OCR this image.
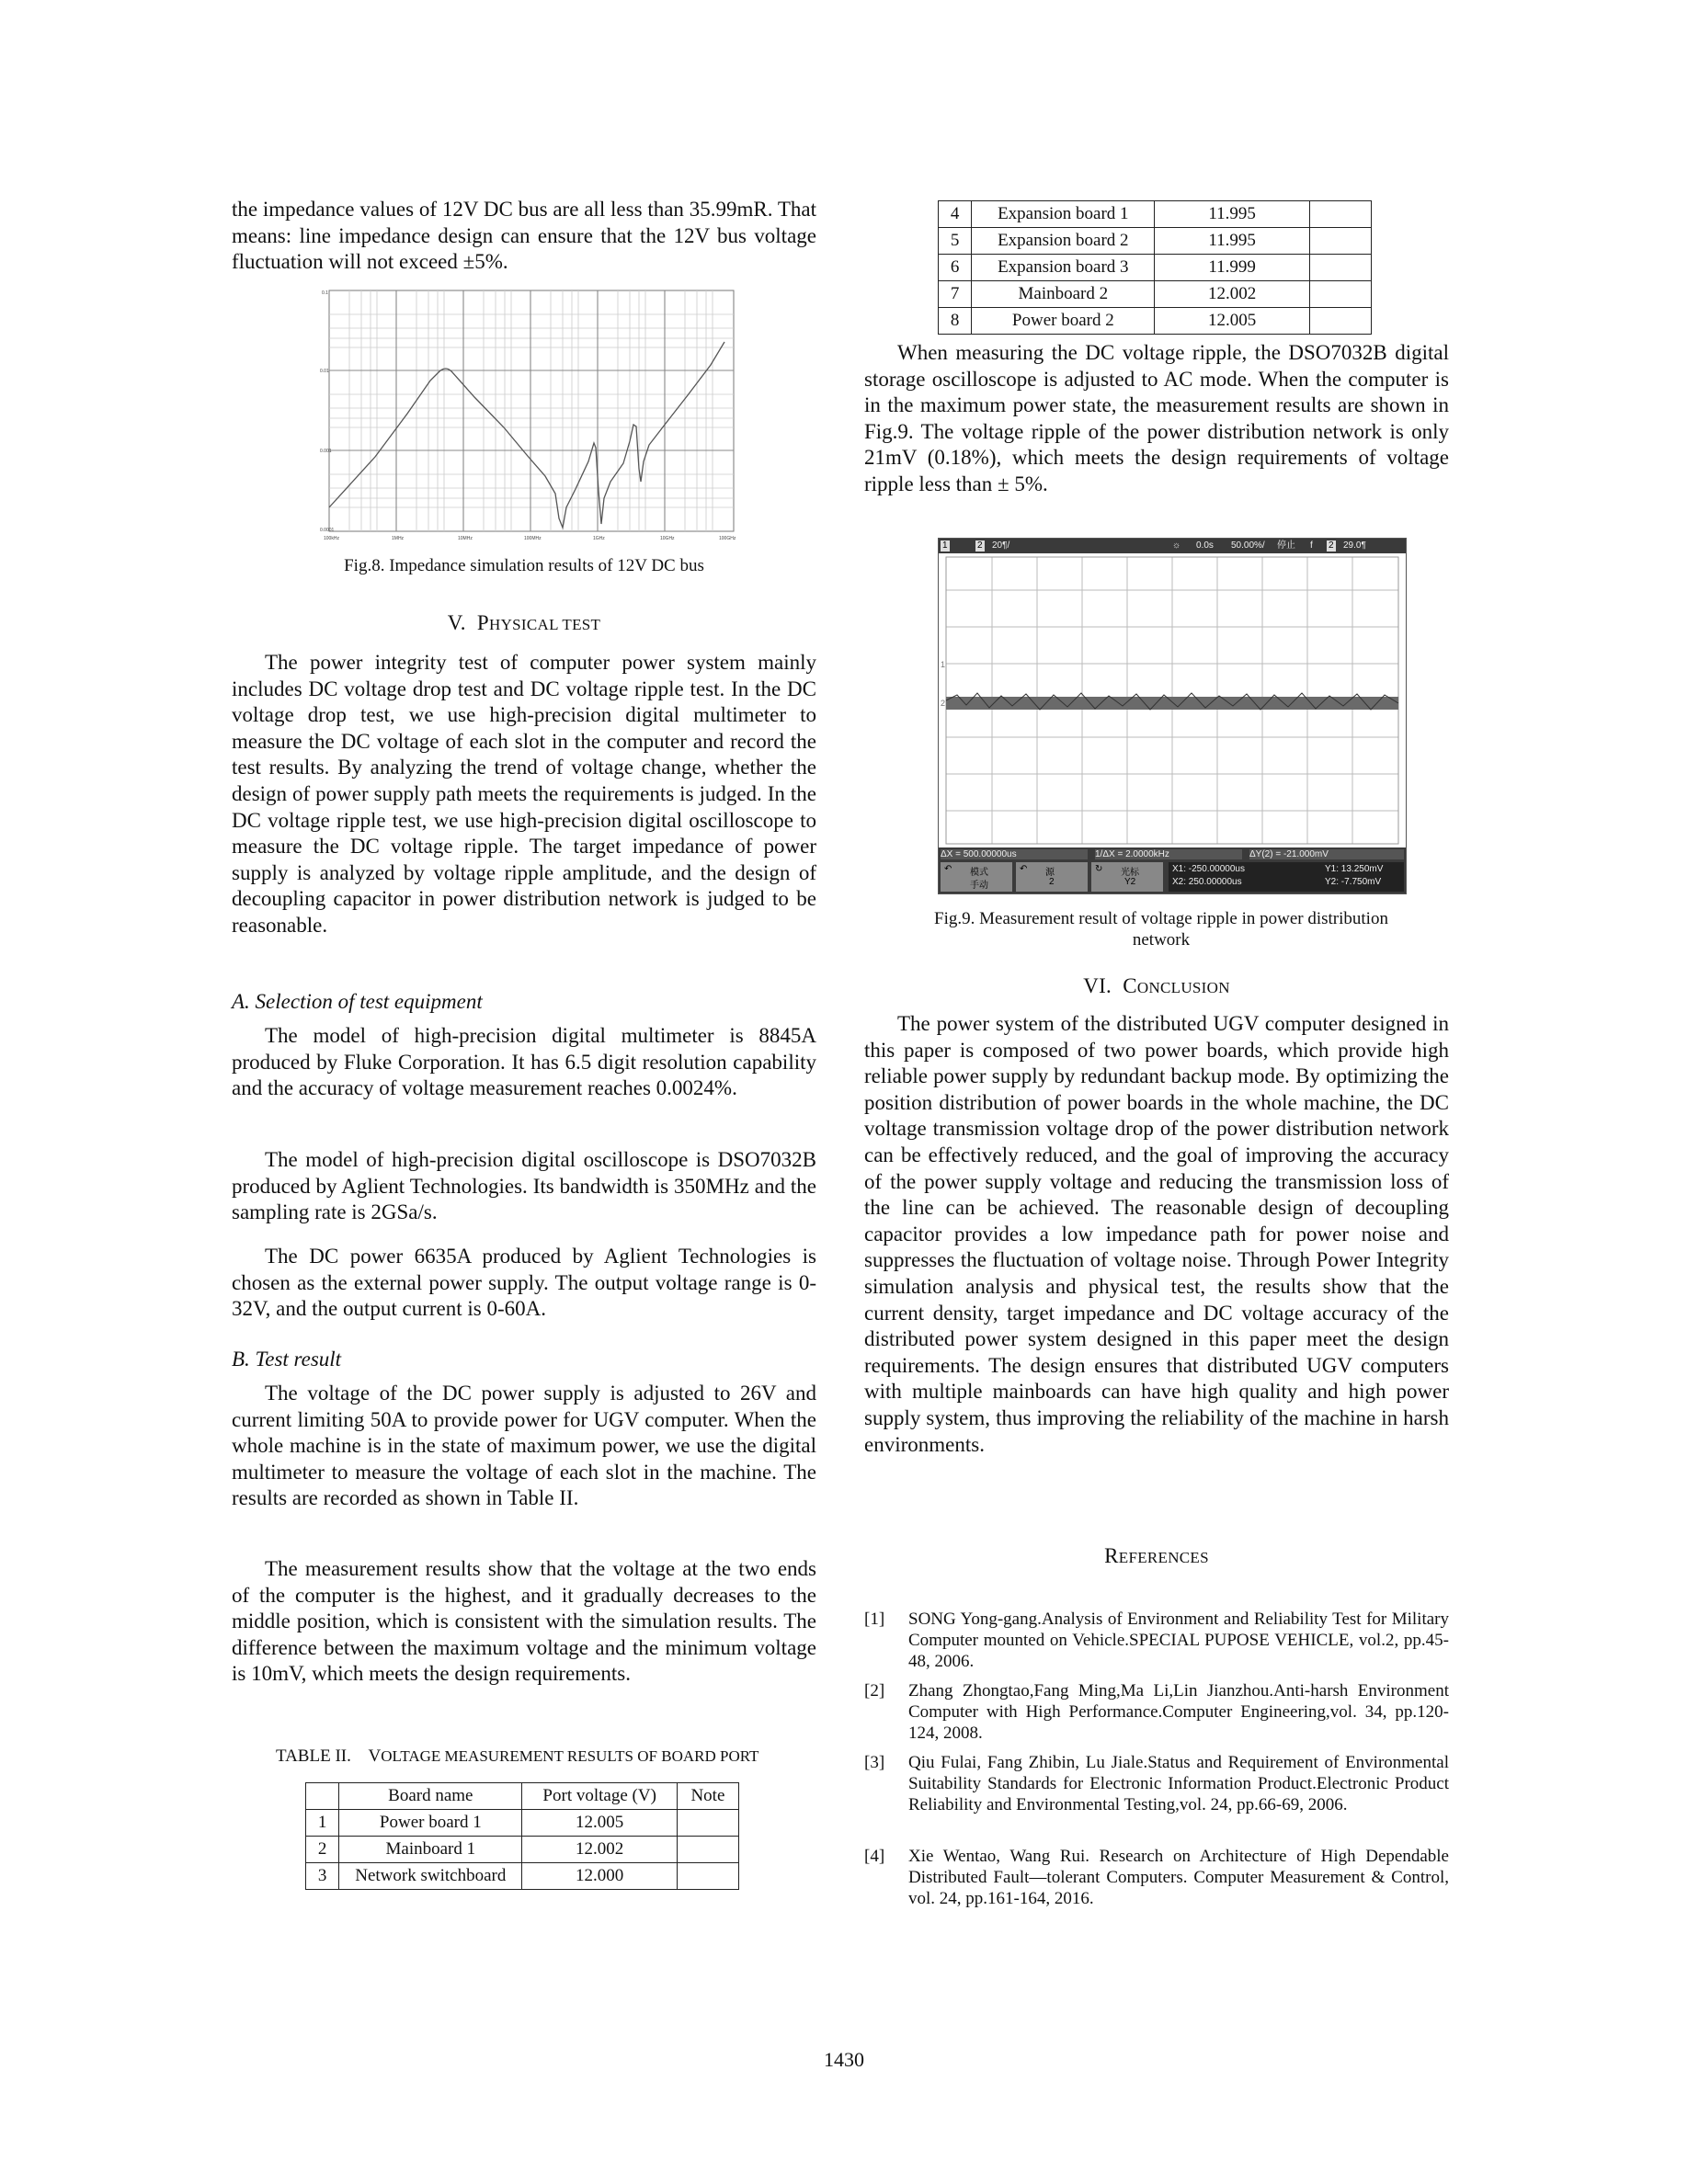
the impedance values of 12V DC bus are all less than 35.99mR. That means: line impedance design can ensure that the 12V bus voltage fluctuation will not exceed ±5%.

0.1
0.01
0.001
0.0001
100kHz	1MHz	10MHz	100MHz	1GHz	10GHz	100GHz
Fig.8. Impedance simulation results of 12V DC bus
V. PHYSICAL TEST

The power integrity test of computer power system mainly includes DC voltage drop test and DC voltage ripple test. In the DC voltage drop test, we use high-precision digital multimeter to measure the DC voltage of each slot in the computer and record the test results. By analyzing the trend of voltage change, whether the design of power supply path meets the requirements is judged. In the DC voltage ripple test, we use high-precision digital oscilloscope to measure the DC voltage ripple. The target impedance of power supply is analyzed by voltage ripple amplitude, and the design of decoupling capacitor in power distribution network is judged to be reasonable.

A. Selection of test equipment

The model of high-precision digital multimeter is 8845A produced by Fluke Corporation. It has 6.5 digit resolution capability and the accuracy of voltage measurement reaches 0.0024%.

The model of high-precision digital oscilloscope is DSO7032B produced by Aglient Technologies. Its bandwidth is 350MHz and the sampling rate is 2GSa/s.

The DC power 6635A produced by Aglient Technologies is chosen as the external power supply. The output voltage range is 0-32V, and the output current is 0-60A.

B. Test result

The voltage of the DC power supply is adjusted to 26V and current limiting 50A to provide power for UGV computer. When the whole machine is in the state of maximum power, we use the digital multimeter to measure the voltage of each slot in the machine. The results are recorded as shown in Table II.

The measurement results show that the voltage at the two ends of the computer is the highest, and it gradually decreases to the middle position, which is consistent with the simulation results. The difference between the maximum voltage and the minimum voltage is 10mV, which meets the design requirements.

TABLE II.    VOLTAGE MEASUREMENT RESULTS OF BOARD PORT
	Board name	Port voltage (V)	Note
1	Power board 1	12.005	
2	Mainboard 1	12.002	
3	Network switchboard	12.000	
4	Expansion board 1	11.995	
5	Expansion board 2	11.995	
6	Expansion board 3	11.999	
7	Mainboard 2	12.002	
8	Power board 2	12.005	

When measuring the DC voltage ripple, the DSO7032B digital storage oscilloscope is adjusted to AC mode. When the computer is in the maximum power state, the measurement results are shown in Fig.9. The voltage ripple of the power distribution network is only 21mV (0.18%), which meets the design requirements of voltage ripple less than ± 5%.

1	2 20¶/	☼ 0.0s 50.00%/ 停止 f 2 29.0¶
1
2
ΔX = 500.00000us	1/ΔX = 2.0000kHz	ΔY(2) = -21.000mV
↶ 模式
手动
↶ 源
2
↻ 光标
Y2
X1: -250.00000us
X2: 250.00000us
Y1: 13.250mV
Y2: -7.750mV
Fig.9. Measurement result of voltage ripple in power distribution network
VI. CONCLUSION

The power system of the distributed UGV computer designed in this paper is composed of two power boards, which provide high reliable power supply by redundant backup mode. By optimizing the position distribution of power boards in the whole machine, the DC voltage transmission voltage drop of the power distribution network can be effectively reduced, and the goal of improving the accuracy of the power supply voltage and reducing the transmission loss of the line can be achieved. The reasonable design of decoupling capacitor provides a low impedance path for power noise and suppresses the fluctuation of voltage noise. Through Power Integrity simulation analysis and physical test, the results show that the current density, target impedance and DC voltage accuracy of the distributed power system designed in this paper meet the design requirements. The design ensures that distributed UGV computers with multiple mainboards can have high quality and high power supply system, thus improving the reliability of the machine in harsh environments.

REFERENCES
[1] SONG Yong-gang.Analysis of Environment and Reliability Test for Military Computer mounted on Vehicle.SPECIAL PUPOSE VEHICLE, vol.2, pp.45-48, 2006.
[2] Zhang Zhongtao,Fang Ming,Ma Li,Lin Jianzhou.Anti-harsh Environment Computer with High Performance.Computer Engineering,vol. 34, pp.120-124, 2008.
[3] Qiu Fulai, Fang Zhibin, Lu Jiale.Status and Requirement of Environmental Suitability Standards for Electronic Information Product.Electronic Product Reliability and Environmental Testing,vol. 24, pp.66-69, 2006.
[4] Xie Wentao, Wang Rui. Research on Architecture of High Dependable Distributed Fault—tolerant Computers. Computer Measurement & Control, vol. 24, pp.161-164, 2016.
1430
